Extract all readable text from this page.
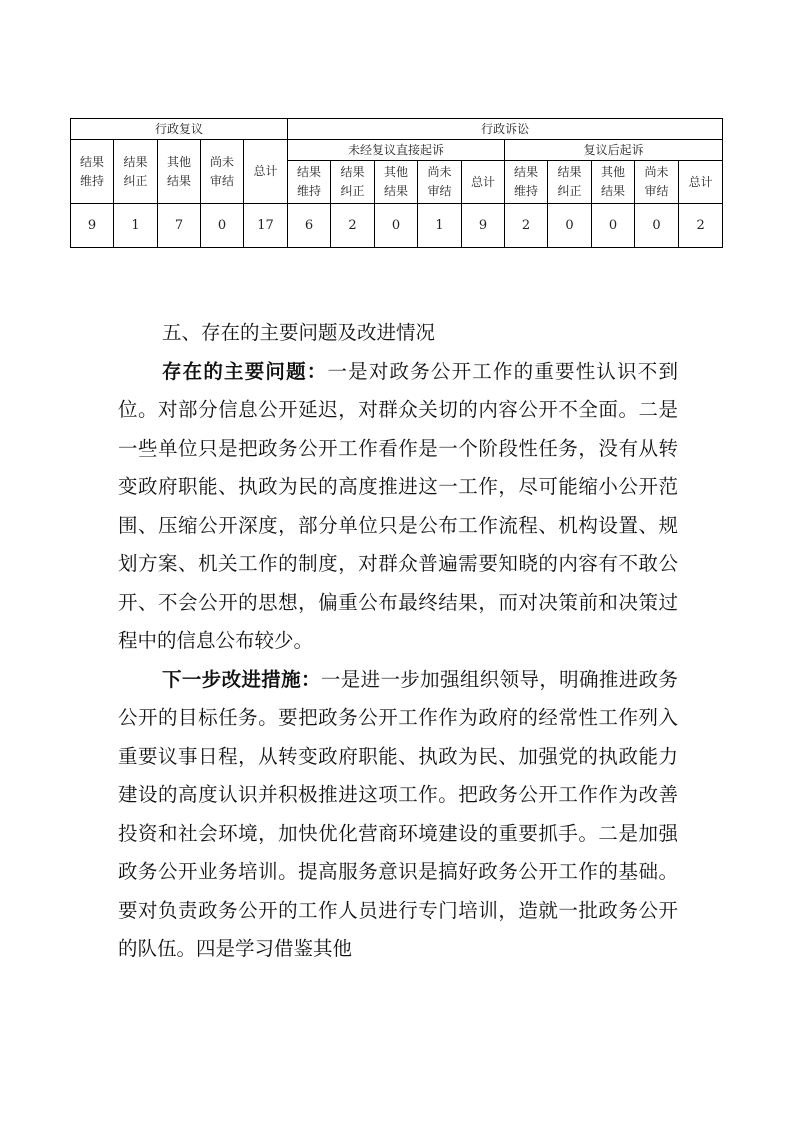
行政复议					行政诉讼									
结果维持	结果纠正	其他结果	尚未审结	总计	未经复议直接起诉					复议后起诉				
					结果维持	结果纠正	其他结果	尚未审结	总计	结果维持	结果纠正	其他结果	尚未审结	总计
9	1	7	0	17	6	2	0	1	9	2	0	0	0	2

五、存在的主要问题及改进情况

存在的主要问题：一是对政务公开工作的重要性认识不到位。对部分信息公开延迟，对群众关切的内容公开不全面。二是一些单位只是把政务公开工作看作是一个阶段性任务，没有从转变政府职能、执政为民的高度推进这一工作，尽可能缩小公开范围、压缩公开深度，部分单位只是公布工作流程、机构设置、规划方案、机关工作的制度，对群众普遍需要知晓的内容有不敢公开、不会公开的思想，偏重公布最终结果，而对决策前和决策过程中的信息公布较少。

下一步改进措施：一是进一步加强组织领导，明确推进政务公开的目标任务。要把政务公开工作作为政府的经常性工作列入重要议事日程，从转变政府职能、执政为民、加强党的执政能力建设的高度认识并积极推进这项工作。把政务公开工作作为改善投资和社会环境，加快优化营商环境建设的重要抓手。二是加强政务公开业务培训。提高服务意识是搞好政务公开工作的基础。要对负责政务公开的工作人员进行专门培训，造就一批政务公开的队伍。四是学习借鉴其他
